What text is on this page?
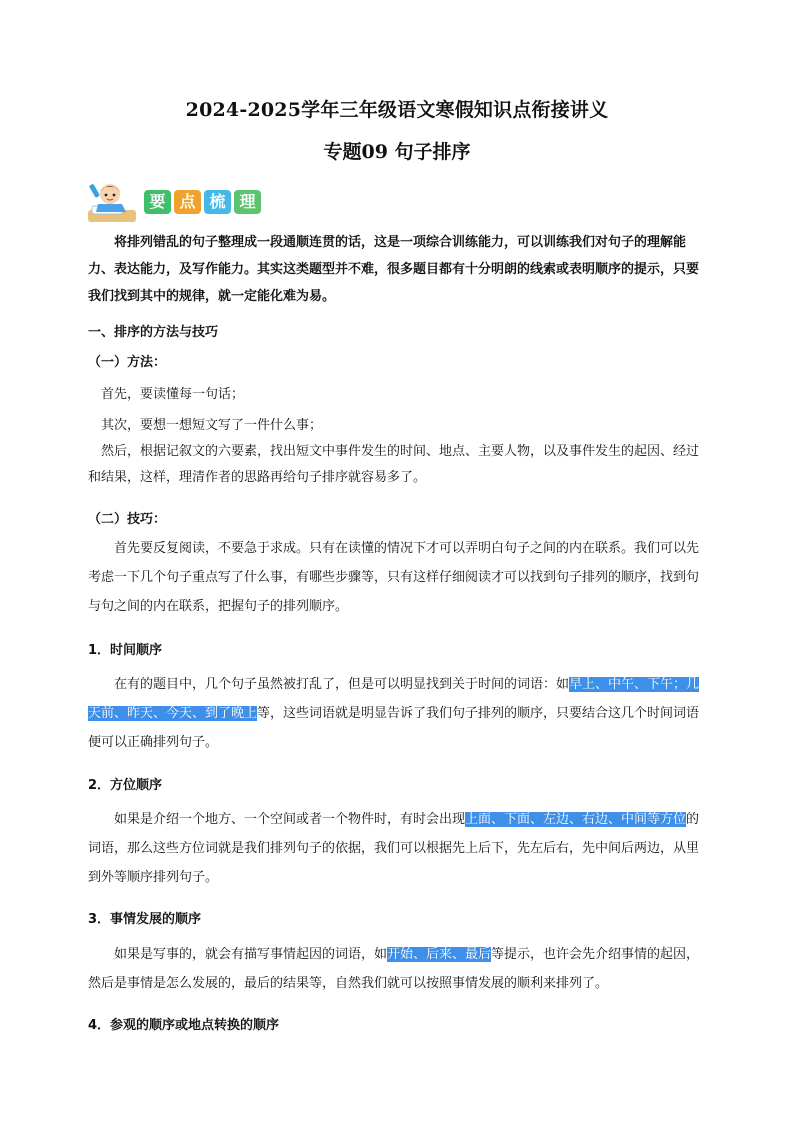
2024-2025学年三年级语文寒假知识点衔接讲义
专题09 句子排序
要 点 梳 理
将排列错乱的句子整理成一段通顺连贯的话，这是一项综合训练能力，可以训练我们对句子的理解能力、表达能力，及写作能力。其实这类题型并不难，很多题目都有十分明朗的线索或表明顺序的提示，只要我们找到其中的规律，就一定能化难为易。
一、排序的方法与技巧
（一）方法：
首先，要读懂每一句话；
其次，要想一想短文写了一件什么事；
然后，根据记叙文的六要素，找出短文中事件发生的时间、地点、主要人物，以及事件发生的起因、经过和结果，这样，理清作者的思路再给句子排序就容易多了。
（二）技巧：
首先要反复阅读，不要急于求成。只有在读懂的情况下才可以弄明白句子之间的内在联系。我们可以先考虑一下几个句子重点写了什么事，有哪些步骤等，只有这样仔细阅读才可以找到句子排列的顺序，找到句与句之间的内在联系，把握句子的排列顺序。
1．时间顺序
在有的题目中，几个句子虽然被打乱了，但是可以明显找到关于时间的词语：如早上、中午、下午；几天前、昨天、今天、到了晚上等，这些词语就是明显告诉了我们句子排列的顺序，只要结合这几个时间词语便可以正确排列句子。
2．方位顺序
如果是介绍一个地方、一个空间或者一个物件时，有时会出现上面、下面、左边、右边、中间等方位的词语，那么这些方位词就是我们排列句子的依据，我们可以根据先上后下，先左后右，先中间后两边，从里到外等顺序排列句子。
3．事情发展的顺序
如果是写事的，就会有描写事情起因的词语，如开始、后来、最后等提示，也许会先介绍事情的起因，然后是事情是怎么发展的，最后的结果等，自然我们就可以按照事情发展的顺利来排列了。
4．参观的顺序或地点转换的顺序
